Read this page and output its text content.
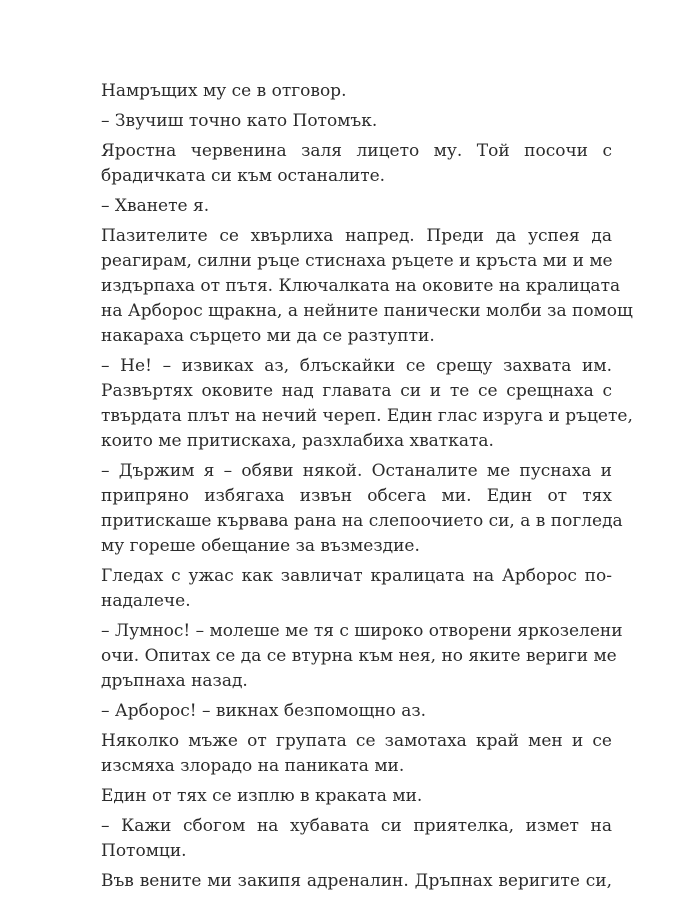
Намръщих му се в отговор.
– Звучиш точно като Потомък.
Яростна червенина заля лицето му. Той посочи с
брадичката си към останалите.
– Хванете я.
Пазителите се хвърлиха напред. Преди да успея да
реагирам, силни ръце стиснаха ръцете и кръста ми и ме
издърпаха от пътя. Ключалката на оковите на кралицата
на Арборос щракна, а нейните панически молби за помощ
накараха сърцето ми да се разтупти.
– Не! – извиках аз, блъскайки се срещу захвата им.
Развъртях оковите над главата си и те се срещнаха с
твърдата плът на нечий череп. Един глас изруга и ръцете,
които ме притискаха, разхлабиха хватката.
– Държим я – обяви някой. Останалите ме пуснаха и
припряно избягаха извън обсега ми. Един от тях
притискаше кървава рана на слепоочието си, а в погледа
му гореше обещание за възмездие.
Гледах с ужас как завличат кралицата на Арборос по-
надалече.
– Лумнос! – молеше ме тя с широко отворени яркозелени
очи. Опитах се да се втурна към нея, но яките вериги ме
дръпнаха назад.
– Арборос! – викнах безпомощно аз.
Няколко мъже от групата се замотаха край мен и се
изсмяха злорадо на паниката ми.
Един от тях се изплю в краката ми.
– Кажи сбогом на хубавата си приятелка, измет на
Потомци.
Във вените ми закипя адреналин. Дръпнах веригите си,
